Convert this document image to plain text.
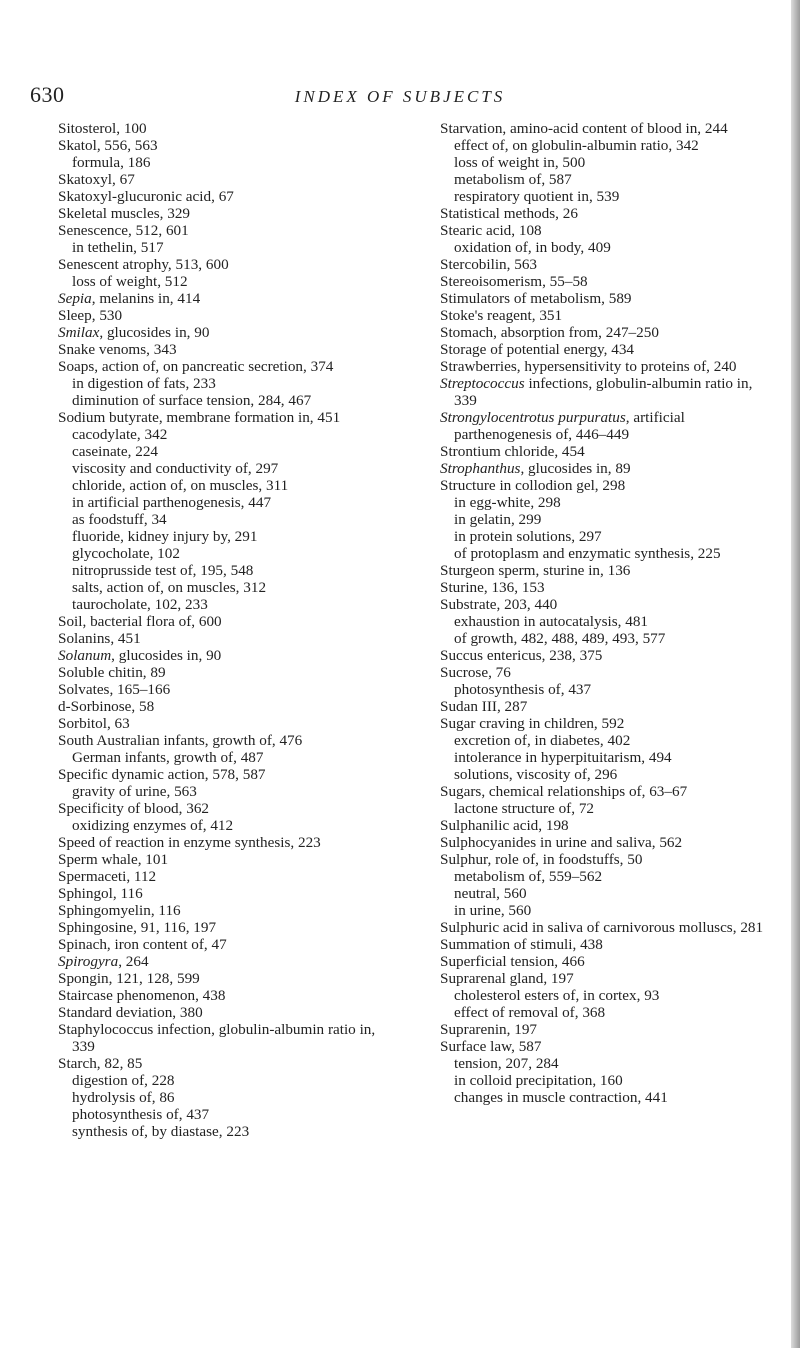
630	INDEX OF SUBJECTS
Sitosterol, 100
Skatol, 556, 563
formula, 186
Skatoxyl, 67
Skatoxyl-glucuronic acid, 67
Skeletal muscles, 329
Senescence, 512, 601
in tethelin, 517
Senescent atrophy, 513, 600
loss of weight, 512
Sepia, melanins in, 414
Sleep, 530
Smilax, glucosides in, 90
Snake venoms, 343
Soaps, action of, on pancreatic secretion, 374
in digestion of fats, 233
diminution of surface tension, 284, 467
Sodium butyrate, membrane formation in, 451
cacodylate, 342
caseinate, 224
viscosity and conductivity of, 297
chloride, action of, on muscles, 311
in artificial parthenogenesis, 447
as foodstuff, 34
fluoride, kidney injury by, 291
glycocholate, 102
nitroprusside test of, 195, 548
salts, action of, on muscles, 312
taurocholate, 102, 233
Soil, bacterial flora of, 600
Solanins, 451
Solanum, glucosides in, 90
Soluble chitin, 89
Solvates, 165–166
d-Sorbinose, 58
Sorbitol, 63
South Australian infants, growth of, 476
German infants, growth of, 487
Specific dynamic action, 578, 587
gravity of urine, 563
Specificity of blood, 362
oxidizing enzymes of, 412
Speed of reaction in enzyme synthesis, 223
Sperm whale, 101
Spermaceti, 112
Sphingol, 116
Sphingomyelin, 116
Sphingosine, 91, 116, 197
Spinach, iron content of, 47
Spirogyra, 264
Spongin, 121, 128, 599
Staircase phenomenon, 438
Standard deviation, 380
Staphylococcus infection, globulin-albumin ratio in, 339
Starch, 82, 85
digestion of, 228
hydrolysis of, 86
photosynthesis of, 437
synthesis of, by diastase, 223
Starvation, amino-acid content of blood in, 244
effect of, on globulin-albumin ratio, 342
loss of weight in, 500
metabolism of, 587
respiratory quotient in, 539
Statistical methods, 26
Stearic acid, 108
oxidation of, in body, 409
Stercobilin, 563
Stereoisomerism, 55–58
Stimulators of metabolism, 589
Stoke's reagent, 351
Stomach, absorption from, 247–250
Storage of potential energy, 434
Strawberries, hypersensitivity to proteins of, 240
Streptococcus infections, globulin-albumin ratio in, 339
Strongylocentrotus purpuratus, artificial parthenogenesis of, 446–449
Strontium chloride, 454
Strophanthus, glucosides in, 89
Structure in collodion gel, 298
in egg-white, 298
in gelatin, 299
in protein solutions, 297
of protoplasm and enzymatic synthesis, 225
Sturgeon sperm, sturine in, 136
Sturine, 136, 153
Substrate, 203, 440
exhaustion in autocatalysis, 481
of growth, 482, 488, 489, 493, 577
Succus entericus, 238, 375
Sucrose, 76
photosynthesis of, 437
Sudan III, 287
Sugar craving in children, 592
excretion of, in diabetes, 402
intolerance in hyperpituitarism, 494
solutions, viscosity of, 296
Sugars, chemical relationships of, 63–67
lactone structure of, 72
Sulphanilic acid, 198
Sulphocyanides in urine and saliva, 562
Sulphur, role of, in foodstuffs, 50
metabolism of, 559–562
neutral, 560
in urine, 560
Sulphuric acid in saliva of carnivorous molluscs, 281
Summation of stimuli, 438
Superficial tension, 466
Suprarenal gland, 197
cholesterol esters of, in cortex, 93
effect of removal of, 368
Suprarenin, 197
Surface law, 587
tension, 207, 284
in colloid precipitation, 160
changes in muscle contraction, 441
